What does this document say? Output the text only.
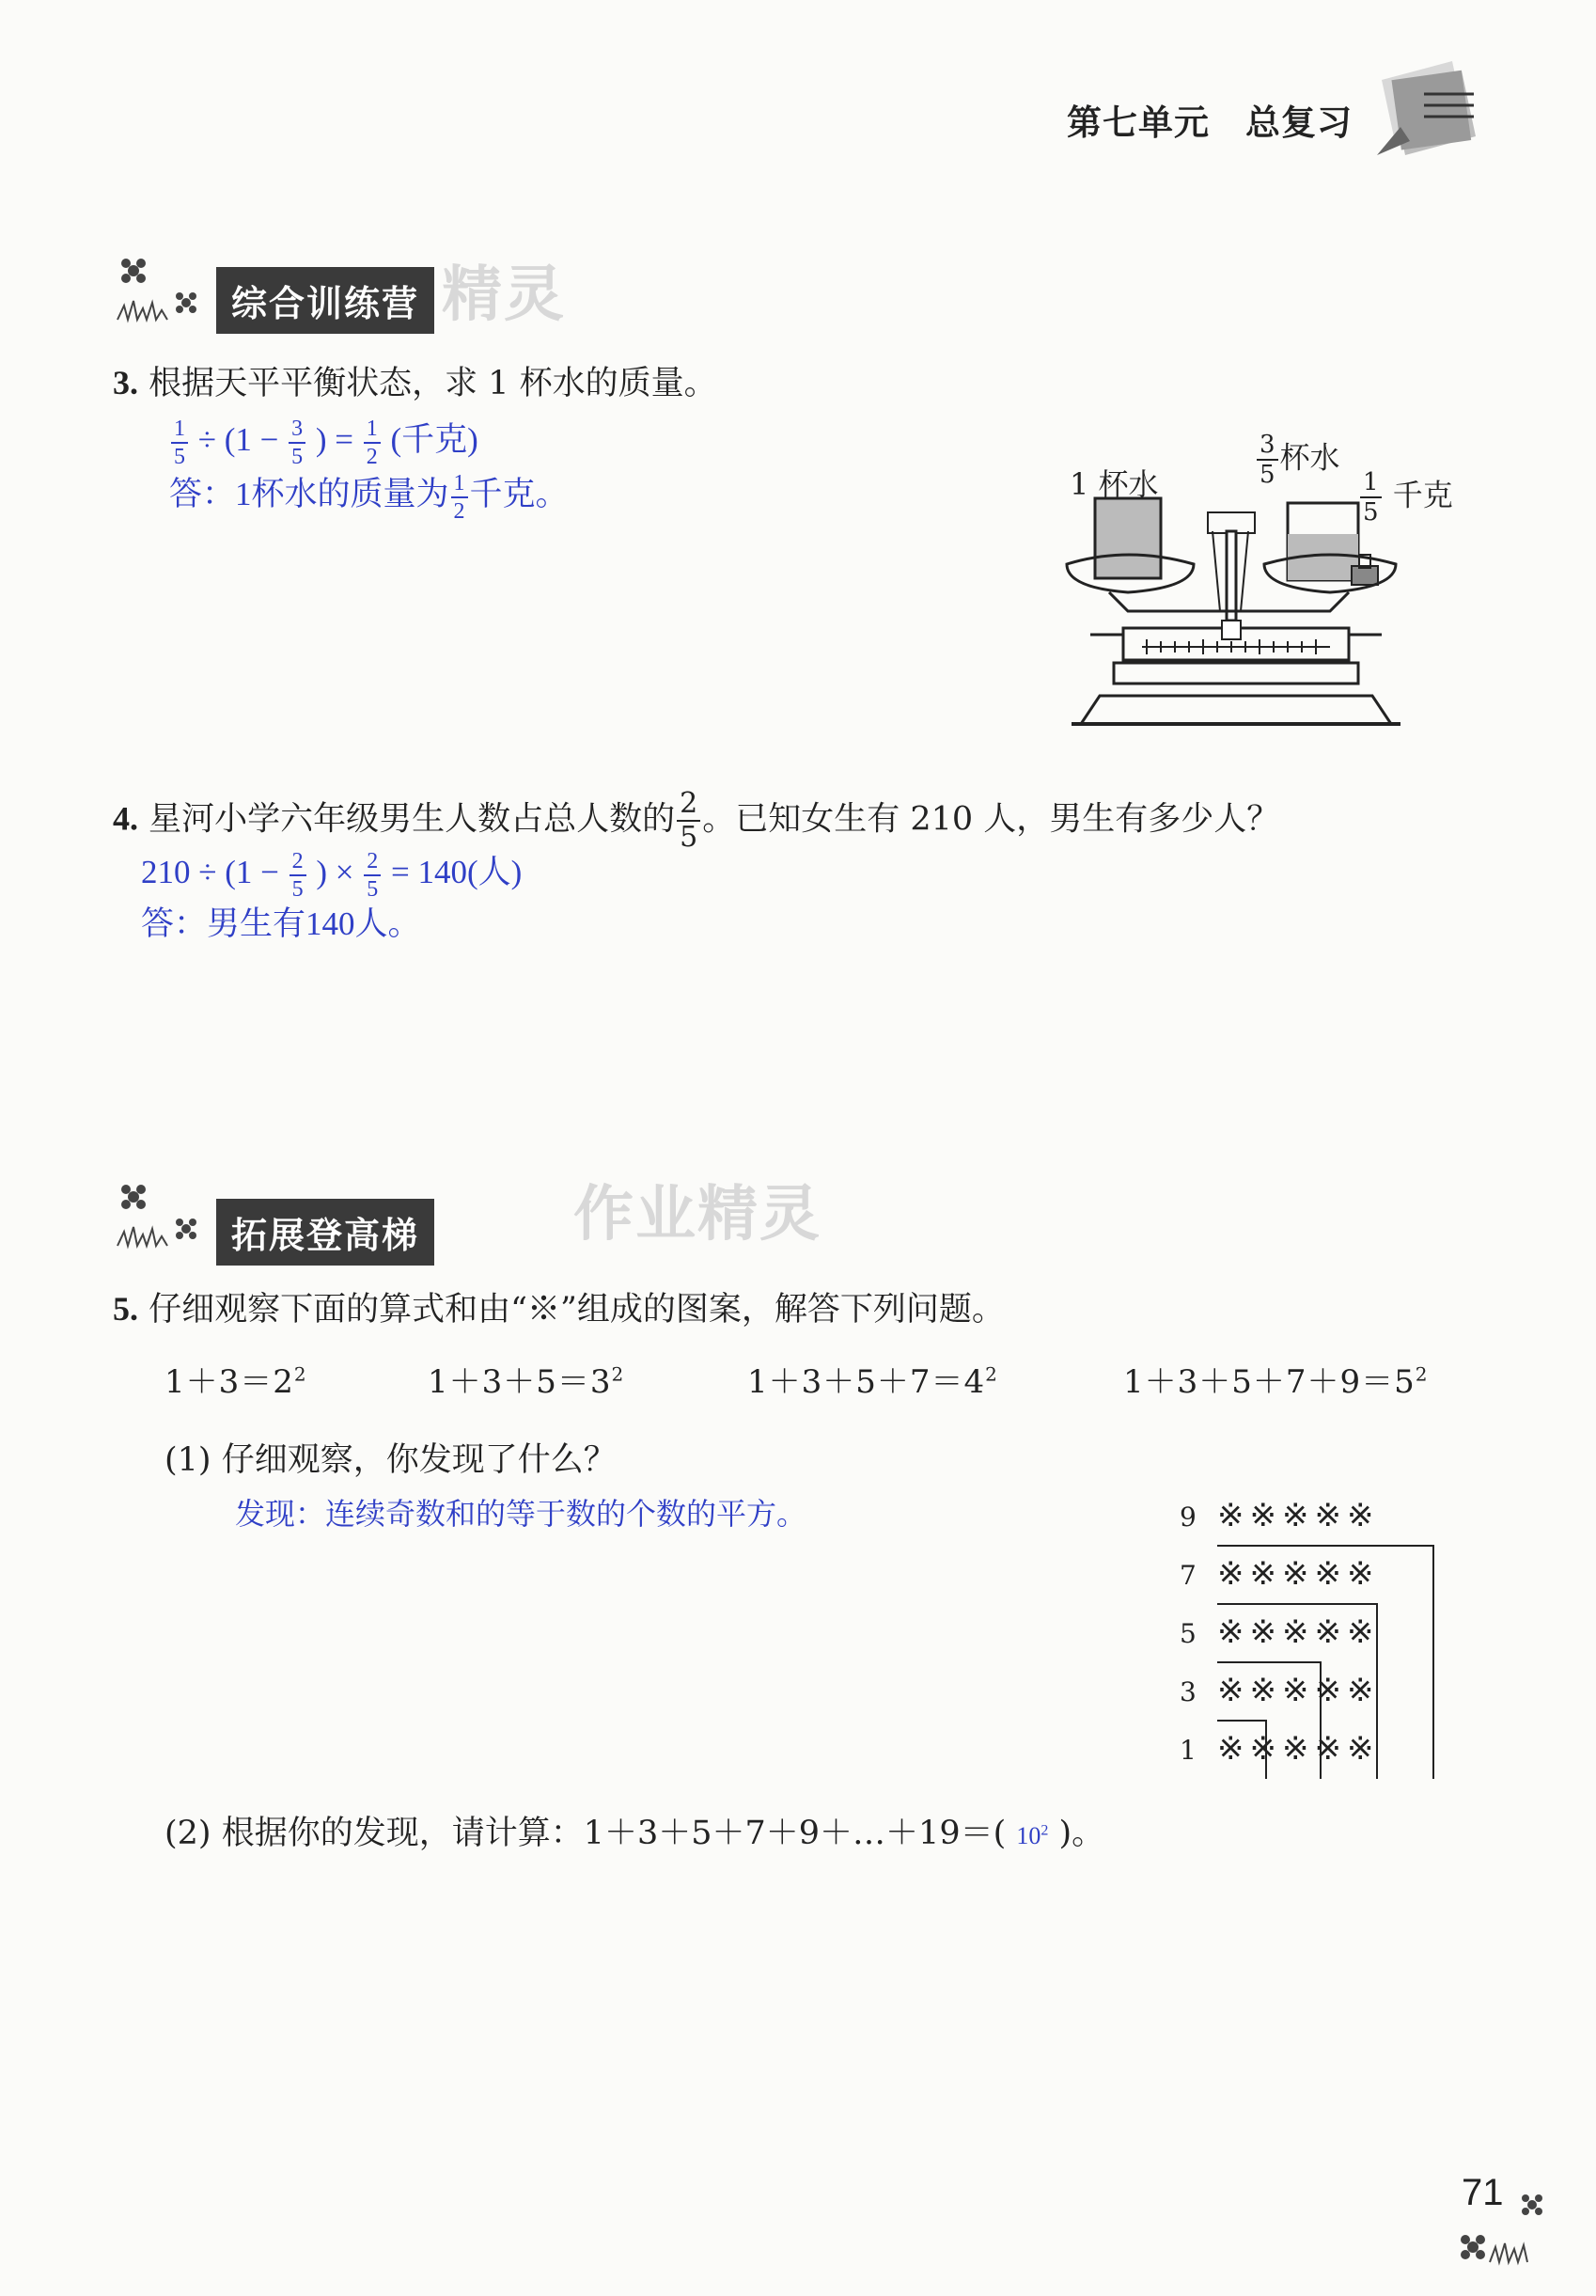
第七单元　总复习
综合训练营 精灵
3. 根据天平平衡状态，求 1 杯水的质量。
$\frac{1}{5} \div (1 - \frac{3}{5}$ ) = $\frac{1}{2}$ (千克)
答：1杯水的质量为 $\frac{1}{2}$ 千克。	1 杯水	$\frac{3}{5}$ 杯水
$\frac{1}{5}$ 千克
4. 星河小学六年级男生人数占总人数的 $\frac{2}{5}$ 。已知女生有 210 人，男生有多少人？
$210 \div (1 - \frac{2}{5}$ ) × $\frac{2}{5} = 140$(人)
答：男生有140人。
拓展登高梯	作业精灵
5. 仔细观察下面的算式和由“※”组成的图案，解答下列问题。
$1+3=2^2$	$1+3+5=3^2$	$1+3+5+7=4^2$	$1+3+5+7+9=5^2$
(1) 仔细观察，你发现了什么？
发现：连续奇数和的等于数的个数的平方。	9 ※※※※※
7 ※※※※※
5 ※※※※※
3 ※※※※※
1 ※※※※※
(2) 根据你的发现，请计算：1＋3＋5＋7＋9＋…＋19＝( $10^2$ )。
71
